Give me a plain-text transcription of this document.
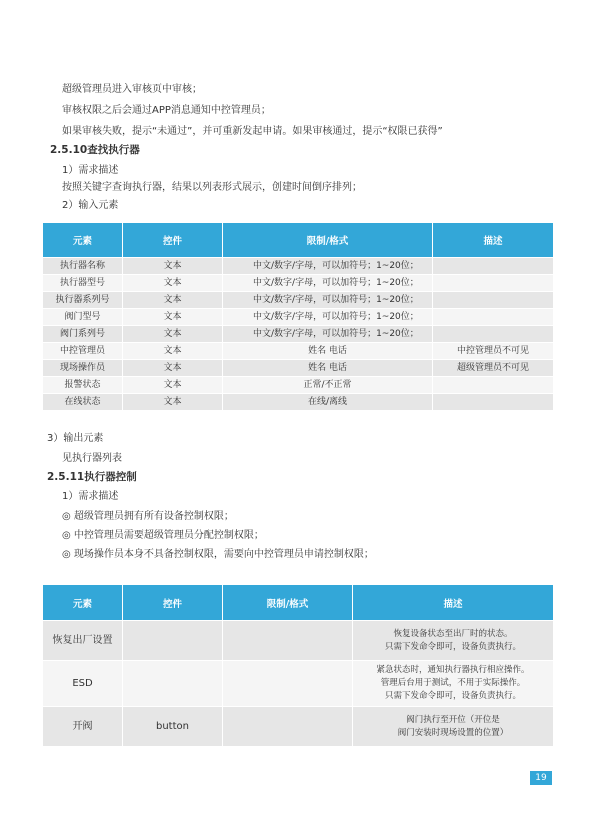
超级管理员进入审核页中审核；
审核权限之后会通过APP消息通知中控管理员；
如果审核失败，提示“未通过”，并可重新发起申请。如果审核通过，提示“权限已获得”
2.5.10查找执行器
1）需求描述
按照关键字查询执行器，结果以列表形式展示，创建时间倒序排列；
2）输入元素
元素	控件	限制/格式	描述
执行器名称	文本	中文/数字/字母，可以加符号；1~20位；	
执行器型号	文本	中文/数字/字母，可以加符号；1~20位；	
执行器系列号	文本	中文/数字/字母，可以加符号；1~20位；	
阀门型号	文本	中文/数字/字母，可以加符号；1~20位；	
阀门系列号	文本	中文/数字/字母，可以加符号；1~20位；	
中控管理员	文本	姓名 电话	中控管理员不可见
现场操作员	文本	姓名 电话	超级管理员不可见
报警状态	文本	正常/不正常	
在线状态	文本	在线/离线	
3）输出元素
见执行器列表
2.5.11执行器控制
1）需求描述
◎ 超级管理员拥有所有设备控制权限；
◎ 中控管理员需要超级管理员分配控制权限；
◎ 现场操作员本身不具备控制权限，需要向中控管理员申请控制权限；
元素	控件	限制/格式	描述
恢复出厂设置			恢复设备状态至出厂时的状态。
只需下发命令即可，设备负责执行。

ESD			紧急状态时，通知执行器执行相应操作。
管理后台用于测试，不用于实际操作。
只需下发命令即可，设备负责执行。

开阀	button		阀门执行至开位（开位是
阀门安装时现场设置的位置）
19
